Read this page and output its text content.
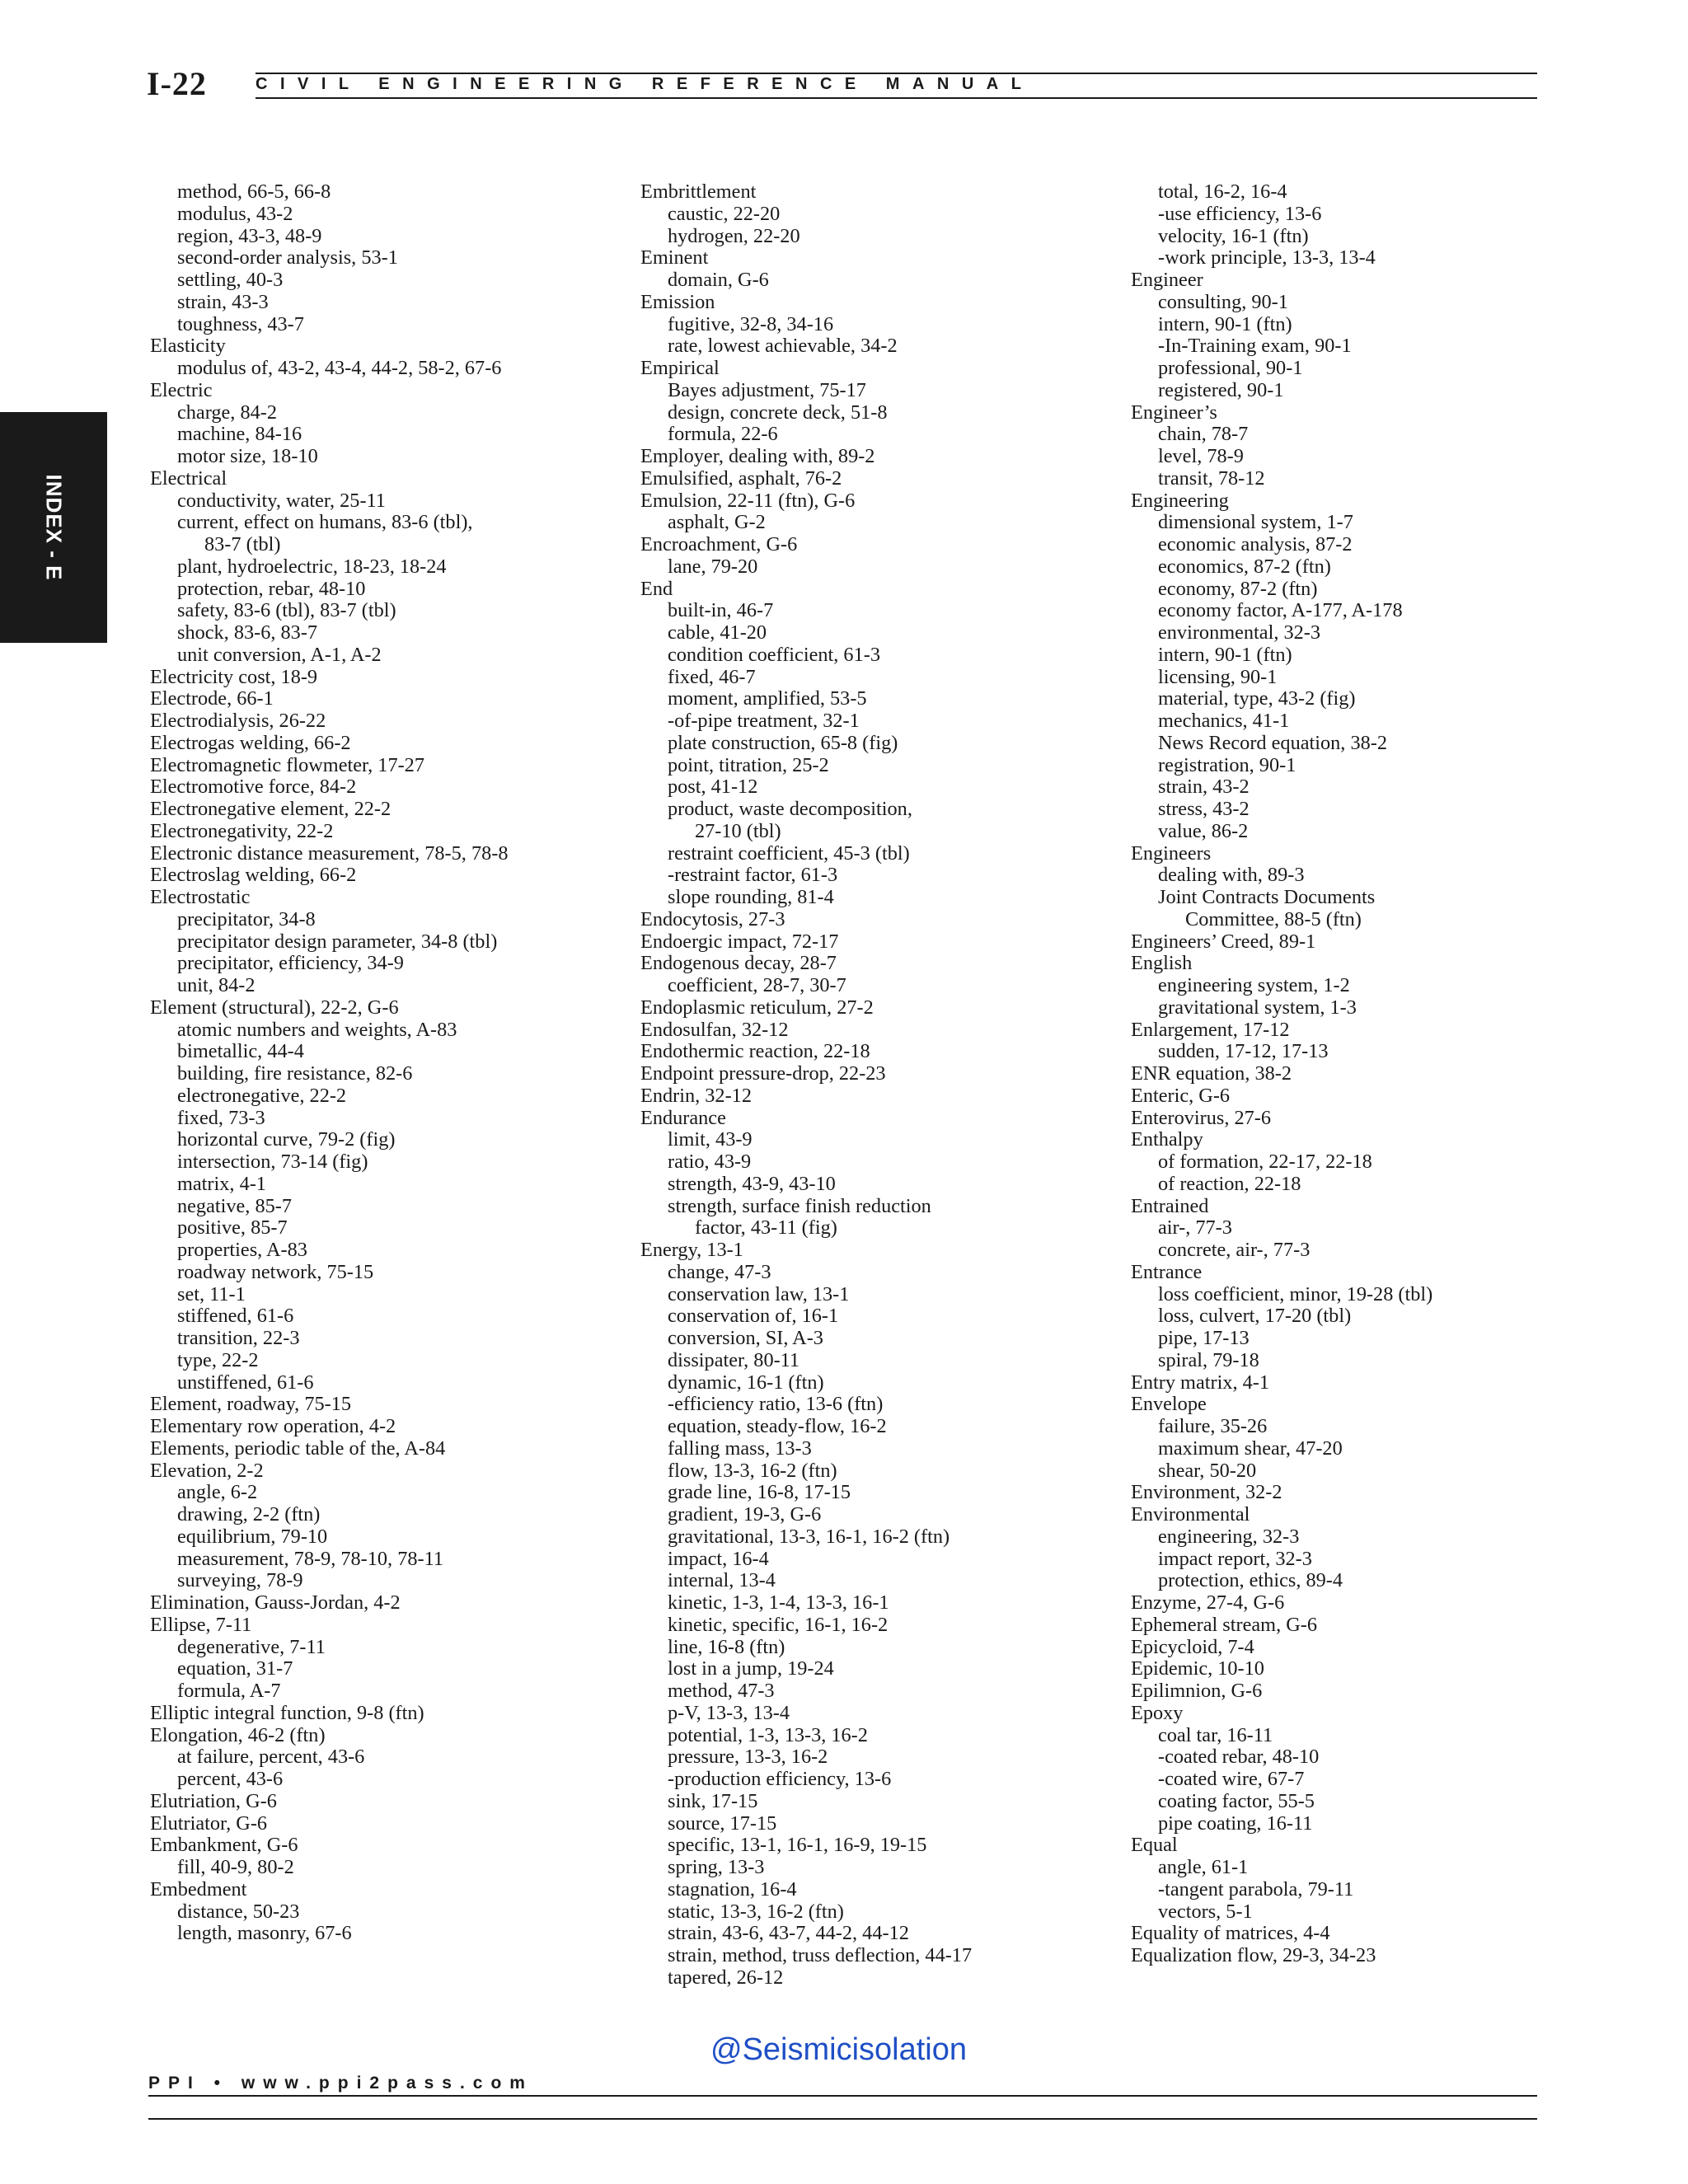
I-22	CIVIL ENGINEERING REFERENCE MANUAL
INDEX - E
method, 66-5, 66-8
modulus, 43-2
region, 43-3, 48-9
second-order analysis, 53-1
settling, 40-3
strain, 43-3
toughness, 43-7
Elasticity
modulus of, 43-2, 43-4, 44-2, 58-2, 67-6
Electric
charge, 84-2
machine, 84-16
motor size, 18-10
Electrical
conductivity, water, 25-11
current, effect on humans, 83-6 (tbl),
83-7 (tbl)
plant, hydroelectric, 18-23, 18-24
protection, rebar, 48-10
safety, 83-6 (tbl), 83-7 (tbl)
shock, 83-6, 83-7
unit conversion, A-1, A-2
Electricity cost, 18-9
Electrode, 66-1
Electrodialysis, 26-22
Electrogas welding, 66-2
Electromagnetic flowmeter, 17-27
Electromotive force, 84-2
Electronegative element, 22-2
Electronegativity, 22-2
Electronic distance measurement, 78-5, 78-8
Electroslag welding, 66-2
Electrostatic
precipitator, 34-8
precipitator design parameter, 34-8 (tbl)
precipitator, efficiency, 34-9
unit, 84-2
Element (structural), 22-2, G-6
atomic numbers and weights, A-83
bimetallic, 44-4
building, fire resistance, 82-6
electronegative, 22-2
fixed, 73-3
horizontal curve, 79-2 (fig)
intersection, 73-14 (fig)
matrix, 4-1
negative, 85-7
positive, 85-7
properties, A-83
roadway network, 75-15
set, 11-1
stiffened, 61-6
transition, 22-3
type, 22-2
unstiffened, 61-6
Element, roadway, 75-15
Elementary row operation, 4-2
Elements, periodic table of the, A-84
Elevation, 2-2
angle, 6-2
drawing, 2-2 (ftn)
equilibrium, 79-10
measurement, 78-9, 78-10, 78-11
surveying, 78-9
Elimination, Gauss-Jordan, 4-2
Ellipse, 7-11
degenerative, 7-11
equation, 31-7
formula, A-7
Elliptic integral function, 9-8 (ftn)
Elongation, 46-2 (ftn)
at failure, percent, 43-6
percent, 43-6
Elutriation, G-6
Elutriator, G-6
Embankment, G-6
fill, 40-9, 80-2
Embedment
distance, 50-23
length, masonry, 67-6
Embrittlement
caustic, 22-20
hydrogen, 22-20
Eminent
domain, G-6
Emission
fugitive, 32-8, 34-16
rate, lowest achievable, 34-2
Empirical
Bayes adjustment, 75-17
design, concrete deck, 51-8
formula, 22-6
Employer, dealing with, 89-2
Emulsified, asphalt, 76-2
Emulsion, 22-11 (ftn), G-6
asphalt, G-2
Encroachment, G-6
lane, 79-20
End
built-in, 46-7
cable, 41-20
condition coefficient, 61-3
fixed, 46-7
moment, amplified, 53-5
-of-pipe treatment, 32-1
plate construction, 65-8 (fig)
point, titration, 25-2
post, 41-12
product, waste decomposition,
27-10 (tbl)
restraint coefficient, 45-3 (tbl)
-restraint factor, 61-3
slope rounding, 81-4
Endocytosis, 27-3
Endoergic impact, 72-17
Endogenous decay, 28-7
coefficient, 28-7, 30-7
Endoplasmic reticulum, 27-2
Endosulfan, 32-12
Endothermic reaction, 22-18
Endpoint pressure-drop, 22-23
Endrin, 32-12
Endurance
limit, 43-9
ratio, 43-9
strength, 43-9, 43-10
strength, surface finish reduction
factor, 43-11 (fig)
Energy, 13-1
change, 47-3
conservation law, 13-1
conservation of, 16-1
conversion, SI, A-3
dissipater, 80-11
dynamic, 16-1 (ftn)
-efficiency ratio, 13-6 (ftn)
equation, steady-flow, 16-2
falling mass, 13-3
flow, 13-3, 16-2 (ftn)
grade line, 16-8, 17-15
gradient, 19-3, G-6
gravitational, 13-3, 16-1, 16-2 (ftn)
impact, 16-4
internal, 13-4
kinetic, 1-3, 1-4, 13-3, 16-1
kinetic, specific, 16-1, 16-2
line, 16-8 (ftn)
lost in a jump, 19-24
method, 47-3
p-V, 13-3, 13-4
potential, 1-3, 13-3, 16-2
pressure, 13-3, 16-2
-production efficiency, 13-6
sink, 17-15
source, 17-15
specific, 13-1, 16-1, 16-9, 19-15
spring, 13-3
stagnation, 16-4
static, 13-3, 16-2 (ftn)
strain, 43-6, 43-7, 44-2, 44-12
strain, method, truss deflection, 44-17
tapered, 26-12
total, 16-2, 16-4
-use efficiency, 13-6
velocity, 16-1 (ftn)
-work principle, 13-3, 13-4
Engineer
consulting, 90-1
intern, 90-1 (ftn)
-In-Training exam, 90-1
professional, 90-1
registered, 90-1
Engineer’s
chain, 78-7
level, 78-9
transit, 78-12
Engineering
dimensional system, 1-7
economic analysis, 87-2
economics, 87-2 (ftn)
economy, 87-2 (ftn)
economy factor, A-177, A-178
environmental, 32-3
intern, 90-1 (ftn)
licensing, 90-1
material, type, 43-2 (fig)
mechanics, 41-1
News Record equation, 38-2
registration, 90-1
strain, 43-2
stress, 43-2
value, 86-2
Engineers
dealing with, 89-3
Joint Contracts Documents
Committee, 88-5 (ftn)
Engineers’ Creed, 89-1
English
engineering system, 1-2
gravitational system, 1-3
Enlargement, 17-12
sudden, 17-12, 17-13
ENR equation, 38-2
Enteric, G-6
Enterovirus, 27-6
Enthalpy
of formation, 22-17, 22-18
of reaction, 22-18
Entrained
air-, 77-3
concrete, air-, 77-3
Entrance
loss coefficient, minor, 19-28 (tbl)
loss, culvert, 17-20 (tbl)
pipe, 17-13
spiral, 79-18
Entry matrix, 4-1
Envelope
failure, 35-26
maximum shear, 47-20
shear, 50-20
Environment, 32-2
Environmental
engineering, 32-3
impact report, 32-3
protection, ethics, 89-4
Enzyme, 27-4, G-6
Ephemeral stream, G-6
Epicycloid, 7-4
Epidemic, 10-10
Epilimnion, G-6
Epoxy
coal tar, 16-11
-coated rebar, 48-10
-coated wire, 67-7
coating factor, 55-5
pipe coating, 16-11
Equal
angle, 61-1
-tangent parabola, 79-11
vectors, 5-1
Equality of matrices, 4-4
Equalization flow, 29-3, 34-23
@Seismicisolation
PPI • www.ppi2pass.com
